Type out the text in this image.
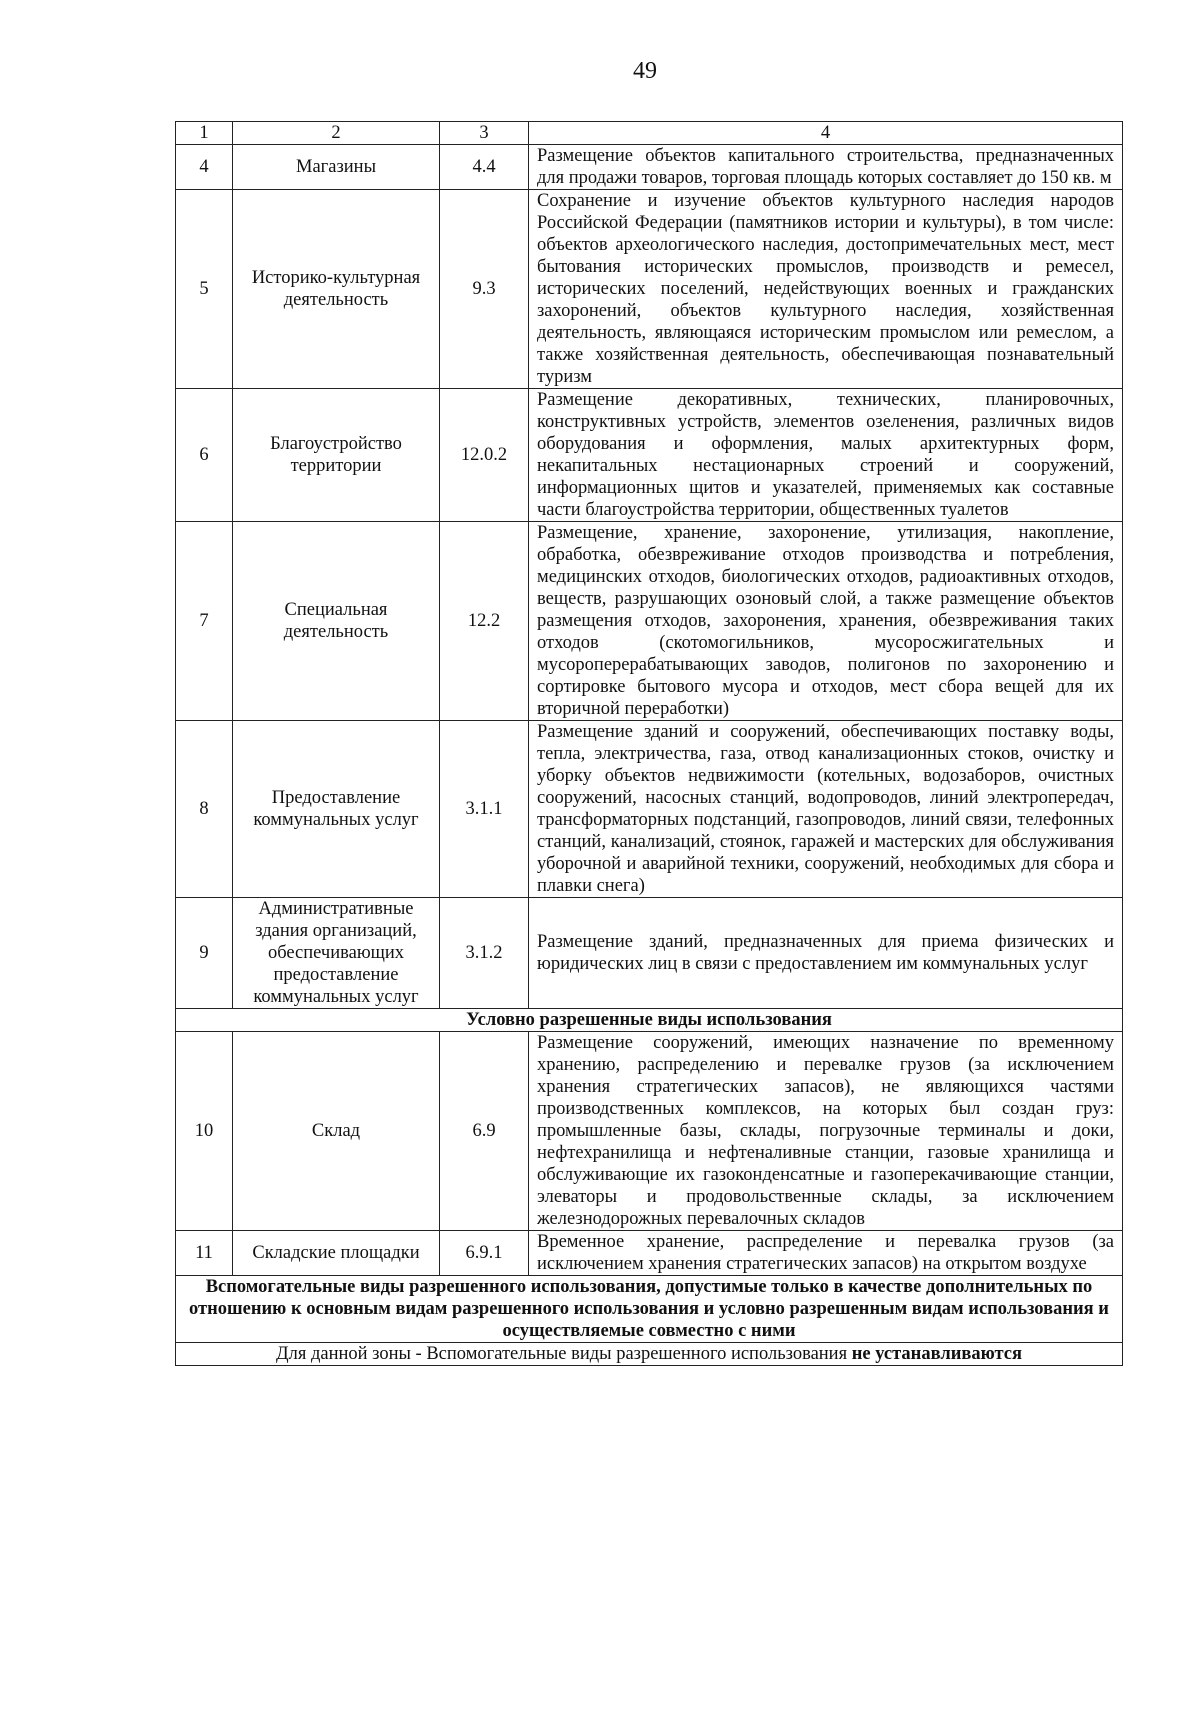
49
1	2	3	4
4	Магазины	4.4	Размещение объектов капитального строительства, предназначенных для продажи товаров, торговая площадь которых составляет до 150 кв. м
5	Историко-культурная деятельность	9.3	Сохранение и изучение объектов культурного наследия народов Российской Федерации (памятников истории и культуры), в том числе: объектов археологического наследия, достопримечательных мест, мест бытования исторических промыслов, производств и ремесел, исторических поселений, недействующих военных и гражданских захоронений, объектов культурного наследия, хозяйственная деятельность, являющаяся историческим промыслом или ремеслом, а также хозяйственная деятельность, обеспечивающая познавательный туризм
6	Благоустройство территории	12.0.2	Размещение декоративных, технических, планировочных, конструктивных устройств, элементов озеленения, различных видов оборудования и оформления, малых архитектурных форм, некапитальных нестационарных строений и сооружений, информационных щитов и указателей, применяемых как составные части благоустройства территории, общественных туалетов
7	Специальная деятельность	12.2	Размещение, хранение, захоронение, утилизация, накопление, обработка, обезвреживание отходов производства и потребления, медицинских отходов, биологических отходов, радиоактивных отходов, веществ, разрушающих озоновый слой, а также размещение объектов размещения отходов, захоронения, хранения, обезвреживания таких отходов (скотомогильников, мусоросжигательных и мусороперерабатывающих заводов, полигонов по захоронению и сортировке бытового мусора и отходов, мест сбора вещей для их вторичной переработки)
8	Предоставление коммунальных услуг	3.1.1	Размещение зданий и сооружений, обеспечивающих поставку воды, тепла, электричества, газа, отвод канализационных стоков, очистку и уборку объектов недвижимости (котельных, водозаборов, очистных сооружений, насосных станций, водопроводов, линий электропередач, трансформаторных подстанций, газопроводов, линий связи, телефонных станций, канализаций, стоянок, гаражей и мастерских для обслуживания уборочной и аварийной техники, сооружений, необходимых для сбора и плавки снега)
9	Административные здания организаций, обеспечивающих предоставление коммунальных услуг	3.1.2	Размещение зданий, предназначенных для приема физических и юридических лиц в связи с предоставлением им коммунальных услуг
Условно разрешенные виды использования			
10	Склад	6.9	Размещение сооружений, имеющих назначение по временному хранению, распределению и перевалке грузов (за исключением хранения стратегических запасов), не являющихся частями производственных комплексов, на которых был создан груз: промышленные базы, склады, погрузочные терминалы и доки, нефтехранилища и нефтеналивные станции, газовые хранилища и обслуживающие их газоконденсатные и газоперекачивающие станции, элеваторы и продовольственные склады, за исключением железнодорожных перевалочных складов
11	Складские площадки	6.9.1	Временное хранение, распределение и перевалка грузов (за исключением хранения стратегических запасов) на открытом воздухе
Вспомогательные виды разрешенного использования, допустимые только в качестве дополнительных по отношению к основным видам разрешенного использования и условно разрешенным видам использования и осуществляемые совместно с ними			
Для данной зоны - Вспомогательные виды разрешенного использования не устанавливаются			
